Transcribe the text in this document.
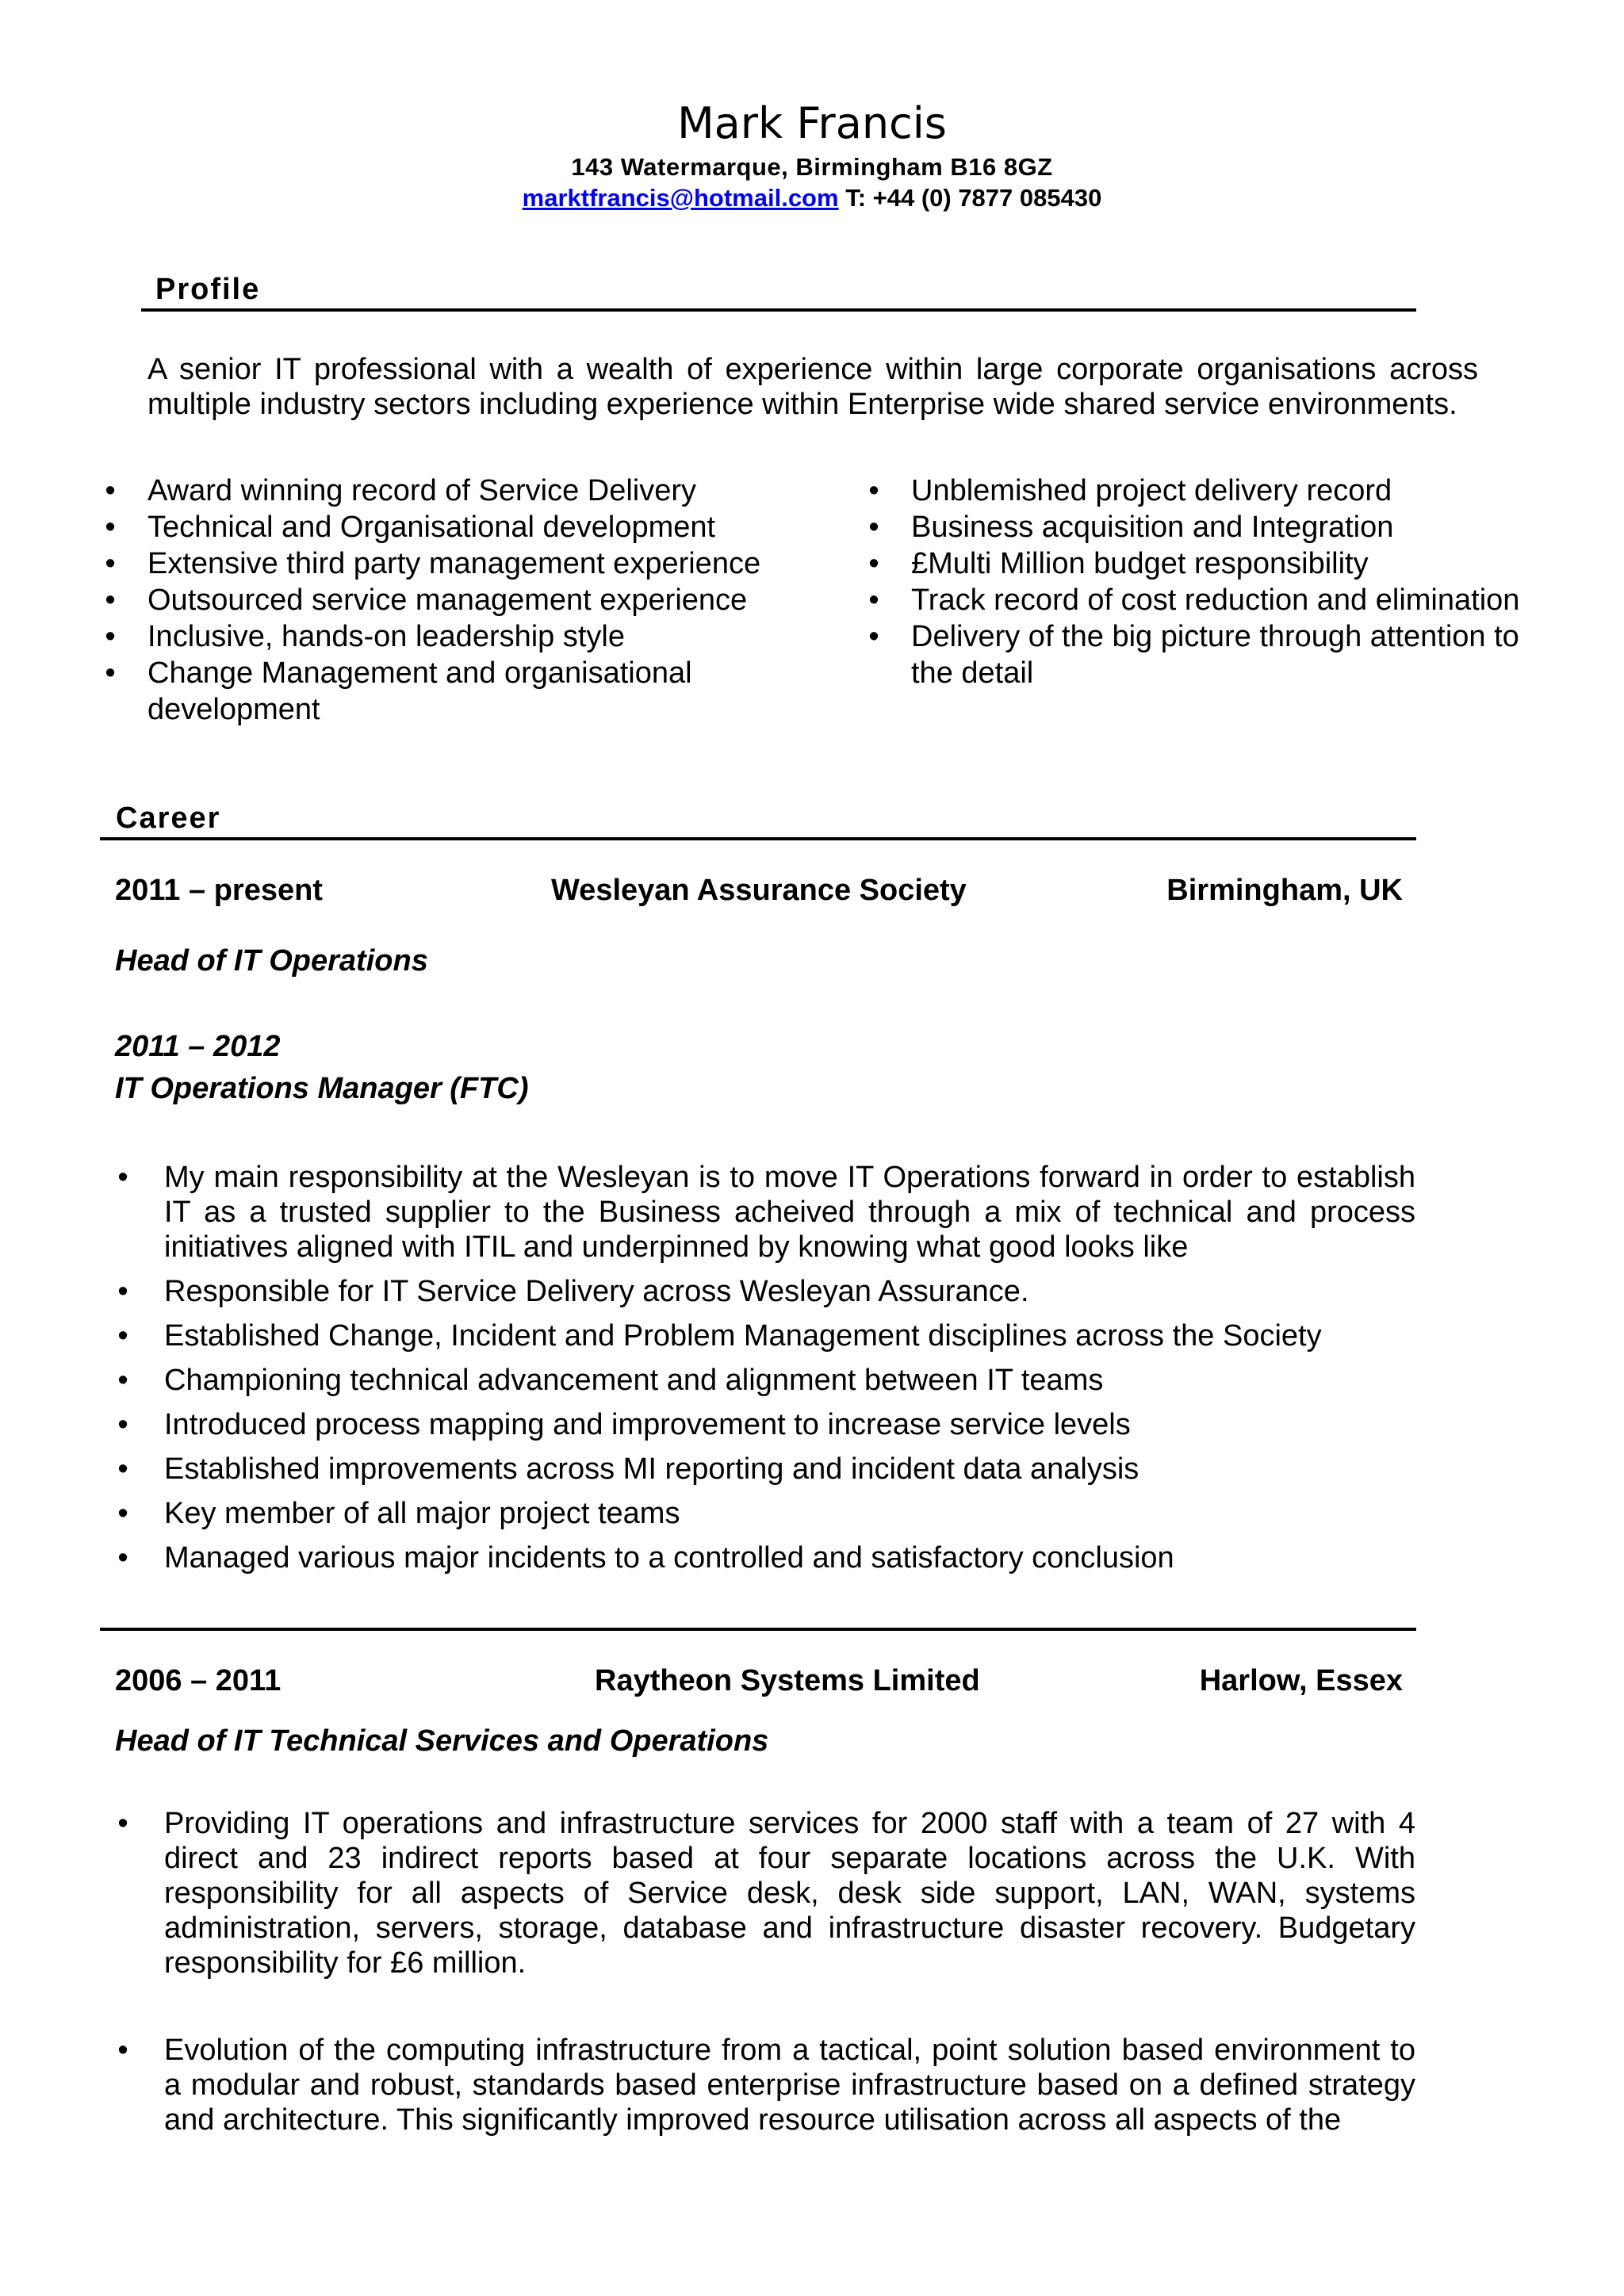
Mark Francis
143 Watermarque, Birmingham B16 8GZ
marktfrancis@hotmail.com T: +44 (0) 7877 085430
Profile
A senior IT professional with a wealth of experience within large corporate organisations across multiple industry sectors including experience within Enterprise wide shared service environments.
• Award winning record of Service Delivery
• Technical and Organisational development
• Extensive third party management experience
• Outsourced service management experience
• Inclusive, hands-on leadership style
• Change Management and organisational development
• Unblemished project delivery record
• Business acquisition and Integration
• £Multi Million budget responsibility
• Track record of cost reduction and elimination
• Delivery of the big picture through attention to the detail
Career
2011 – present	Wesleyan Assurance Society	Birmingham, UK
Head of IT Operations
2011 – 2012
IT Operations Manager (FTC)
• My main responsibility at the Wesleyan is to move IT Operations forward in order to establish IT as a trusted supplier to the Business acheived through a mix of technical and process initiatives aligned with ITIL and underpinned by knowing what good looks like
• Responsible for IT Service Delivery across Wesleyan Assurance.
• Established Change, Incident and Problem Management disciplines across the Society
• Championing technical advancement and alignment between IT teams
• Introduced process mapping and improvement to increase service levels
• Established improvements across MI reporting and incident data analysis
• Key member of all major project teams
• Managed various major incidents to a controlled and satisfactory conclusion
2006 – 2011	Raytheon Systems Limited	Harlow, Essex
Head of IT Technical Services and Operations
• Providing IT operations and infrastructure services for 2000 staff with a team of 27 with 4 direct and 23 indirect reports based at four separate locations across the U.K. With responsibility for all aspects of Service desk, desk side support, LAN, WAN, systems administration, servers, storage, database and infrastructure disaster recovery. Budgetary responsibility for £6 million.
• Evolution of the computing infrastructure from a tactical, point solution based environment to a modular and robust, standards based enterprise infrastructure based on a defined strategy and architecture. This significantly improved resource utilisation across all aspects of the
